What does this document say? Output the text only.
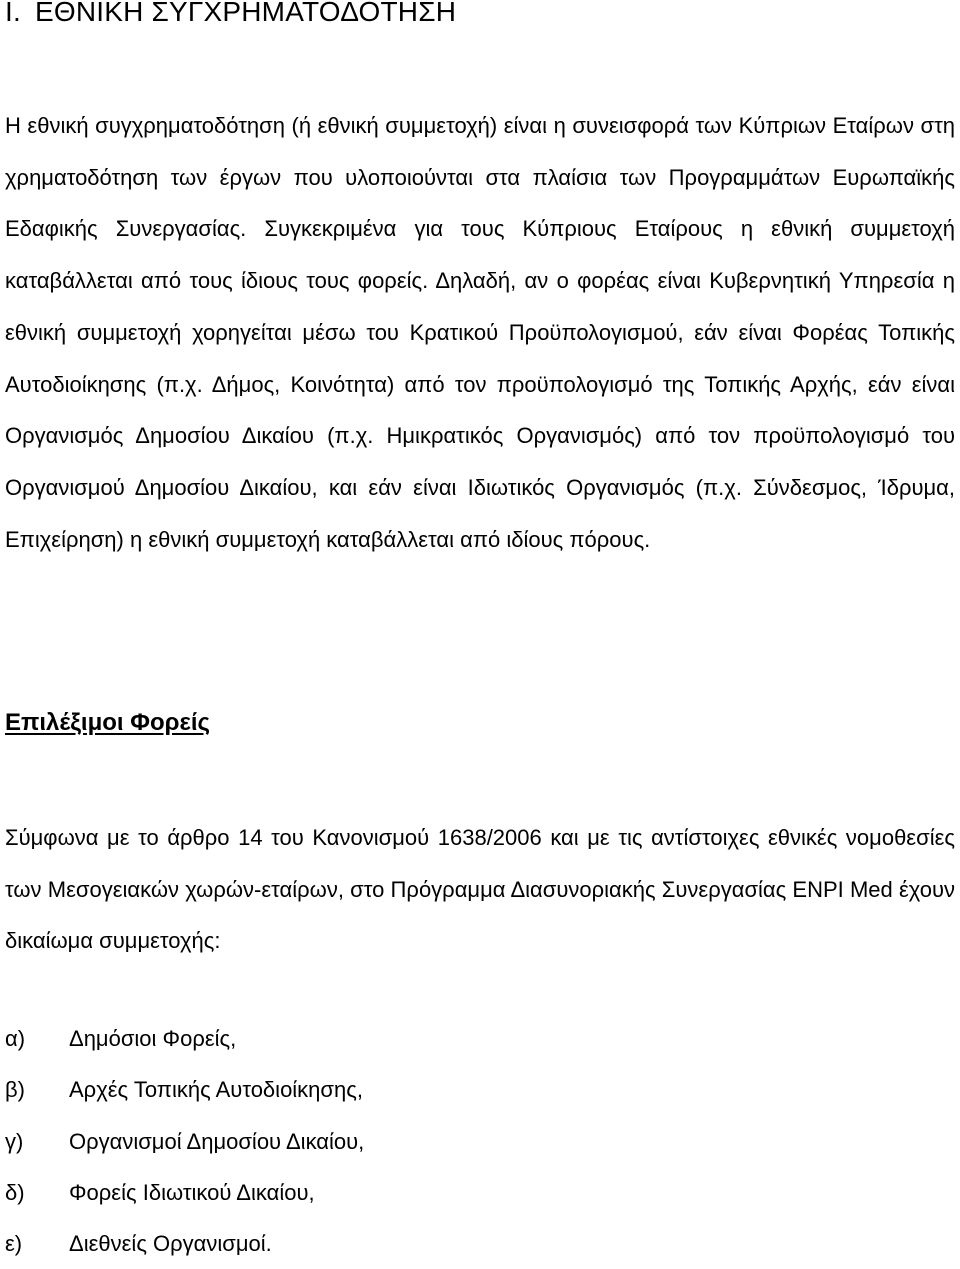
I. ΕΘΝΙΚΗ ΣΥΓΧΡΗΜΑΤΟΔΟΤΗΣΗ

Η εθνική συγχρηματοδότηση (ή εθνική συμμετοχή) είναι η συνεισφορά των Κύπριων Εταίρων στη χρηματοδότηση των έργων που υλοποιούνται στα πλαίσια των Προγραμμάτων Ευρωπαϊκής Εδαφικής Συνεργασίας. Συγκεκριμένα για τους Κύπριους Εταίρους η εθνική συμμετοχή καταβάλλεται από τους ίδιους τους φορείς. Δηλαδή, αν ο φορέας είναι Κυβερνητική Υπηρεσία η εθνική συμμετοχή χορηγείται μέσω του Κρατικού Προϋπολογισμού, εάν είναι Φορέας Τοπικής Αυτοδιοίκησης (π.χ. Δήμος, Κοινότητα) από τον προϋπολογισμό της Τοπικής Αρχής, εάν είναι Οργανισμός Δημοσίου Δικαίου (π.χ. Ημικρατικός Οργανισμός) από τον προϋπολογισμό του Οργανισμού Δημοσίου Δικαίου, και εάν είναι Ιδιωτικός Οργανισμός (π.χ. Σύνδεσμος, Ίδρυμα, Επιχείρηση) η εθνική συμμετοχή καταβάλλεται από ιδίους πόρους.

Επιλέξιμοι Φορείς

Σύμφωνα με το άρθρο 14 του Κανονισμού 1638/2006 και με τις αντίστοιχες εθνικές νομοθεσίες των Μεσογειακών χωρών-εταίρων, στο Πρόγραμμα Διασυνοριακής Συνεργασίας ENPI Med έχουν δικαίωμα συμμετοχής:

α) Δημόσιοι Φορείς,
β) Αρχές Τοπικής Αυτοδιοίκησης,
γ) Οργανισμοί Δημοσίου Δικαίου,
δ) Φορείς Ιδιωτικού Δικαίου,
ε) Διεθνείς Οργανισμοί.
